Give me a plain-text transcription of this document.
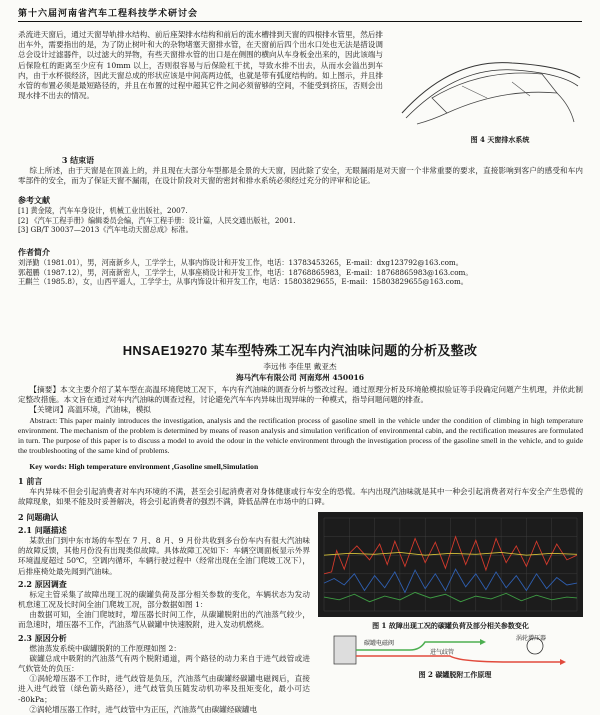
第十六届河南省汽车工程科技学术研讨会

杀流进天窗后，通过天窗导轨排水结构、前后座架排水结构和前后的流水槽排到天窗的四根排水管里，然后排出车外，需要指出的是，为了防止树叶和大的杂物堵塞天窗排水管，在天窗前后四个出水口处也无法是措设调总会设计过滤器件，以过滤大的异物，有些天窗排水管的出口是在侧围的横向从车身板金出来的，因此该端与后保险杠的距离至少应有 10mm 以上，否则很容易与后保险杠干扰，导致水排不出去，从而水会溢出到车内，由于水杯很经济，因此天窗总成的形状应该是中间高两边低，也就是带有弧度结构的。如上图示，并且排水管的布置必须是最短路径的，并且在布置的过程中超其它件之间必须留够的空间，不能受到挤压，否则会出现水排不出去的情况。

图 4 天窗排水系统
3 结束语

综上所述，由于天窗是在顶盖上的，并且现在大部分车型都是全景的大天窗，因此除了安全，无眼漏雨是对天窗一个非常重要的要求，直接影响到客户的感受和车内零部件的安全，而为了保证天窗不漏雨，在设计阶段对天窗的密封和排水系统必须经过充分的评审和论证。

参考文献

[1] 黄金陵，汽车车身设计，机械工业出版社，2007.

[2] 《汽车工程手册》编辑委员会编，汽车工程手册：设计篇，人民交通出版社，2001.

[3] GB/T 30037—2013《汽车电动天窗总成》标准。

作者简介

刘泽勤（1981.01），男，河南新乡人，工学学士，从事内饰设计和开发工作，电话：13783453265，E-mail：dxg123792@163.com。

郭超鹏（1987.12），男，河南新密人，工学学士，从事座椅设计和开发工作，电话：18768865983，E-mail：18768865983@163.com。

王麒兰（1985.8），女，山西平遥人，工学学士，从事内饰设计和开发工作，电话：15803829655，E-mail：15803829655@163.com。

HNSAE19270 某车型特殊工况车内汽油味问题的分析及整改
李远伟 李佳里 戴亚杰
海马汽车有限公司 河南郑州 450016

【摘要】本文主要介绍了某车型在高温环境爬坡工况下，车内有汽油味的调查分析与整改过程。通过原理分析及环境舱模拟验证等手段确定问题产生机理，并依此制定整改措施。本文旨在通过对车内汽油味的调查过程，讨论避免汽车车内异味出现异味的一种模式，指导问题问题的排查。

【关键词】高温环境，汽油味，模拟

Abstract: This paper mainly introduces the investigation, analysis and the rectification process of gasoline smell in the vehicle under the condition of climbing in high temperature environment. The mechanism of the problem is determined by means of reason analysis and simulation verification of environmental cabin, and the rectification measures are formulated in turn. The purpose of this paper is to discuss a model to avoid the odour in the vehicle environment through the investigation process of the gasoline smell in the vehicle, and to guide the troubleshooting of the same kind of problems.

Key words: High temperature environment ,Gasoline smell,Simulation

1 前言

车内异味不但会引起消费者对车内环境的不满，甚至会引起消费者对身体健康或行车安全的恐慌。车内出现汽油味就是其中一种会引起消费者对行车安全产生恐慌的故障现象，如果不能及时妥善解决，将会引起消费者的强烈不满，降低品牌在市场中的口碑。

2 问题确认
2.1 问题描述

某款由门到中东市场的车型在 7 月、8 月、9 月份共收到多台份车内有很大汽油味的故障反馈，其他月份没有出现类似故障。具体故障工况如下：车辆空调面板显示外界环境温度超过 50℃，空调内循环，车辆行驶过程中（经常出现在全油门爬坡工况下），后排座椅处最先闻到汽油味。

2.2 原因调查

标定主管采集了故障出现工况的碳罐负荷及部分相关参数的变化，车辆状态为发动机怠速工况及长时间全油门爬坡工况，部分数据如图 1：

由数据可知，全油门爬坡时，增压器长时间工作，从碳罐脱附出的汽油蒸气较少，而急速时，增压器不工作，汽油蒸气从碳罐中快速脱附，进入发动机燃烧。

2.3 原因分析

燃油蒸发系统中碳罐脱附的工作原理如图 2：

碳罐总成中吸附的汽油蒸气有两个脱附通道，两个路径的动力来自于进气歧管或进气软管处的负压：

①涡轮增压器不工作时，进气歧管是负压，汽油蒸气由碳罐经碳罐电磁阀后，直接进入进气歧管（绿色箭头路径），进气歧管负压随发动机功率及扭矩变化，最小可达 -80kPa；

②涡轮增压器工作时，进气歧管中为正压，汽油蒸气由碳罐经碳罐电

图 1 故障出现工况的碳罐负荷及部分相关参数变化
碳罐电磁阀
进气歧管
涡轮增压器
图 2 碳罐脱附工作原理
